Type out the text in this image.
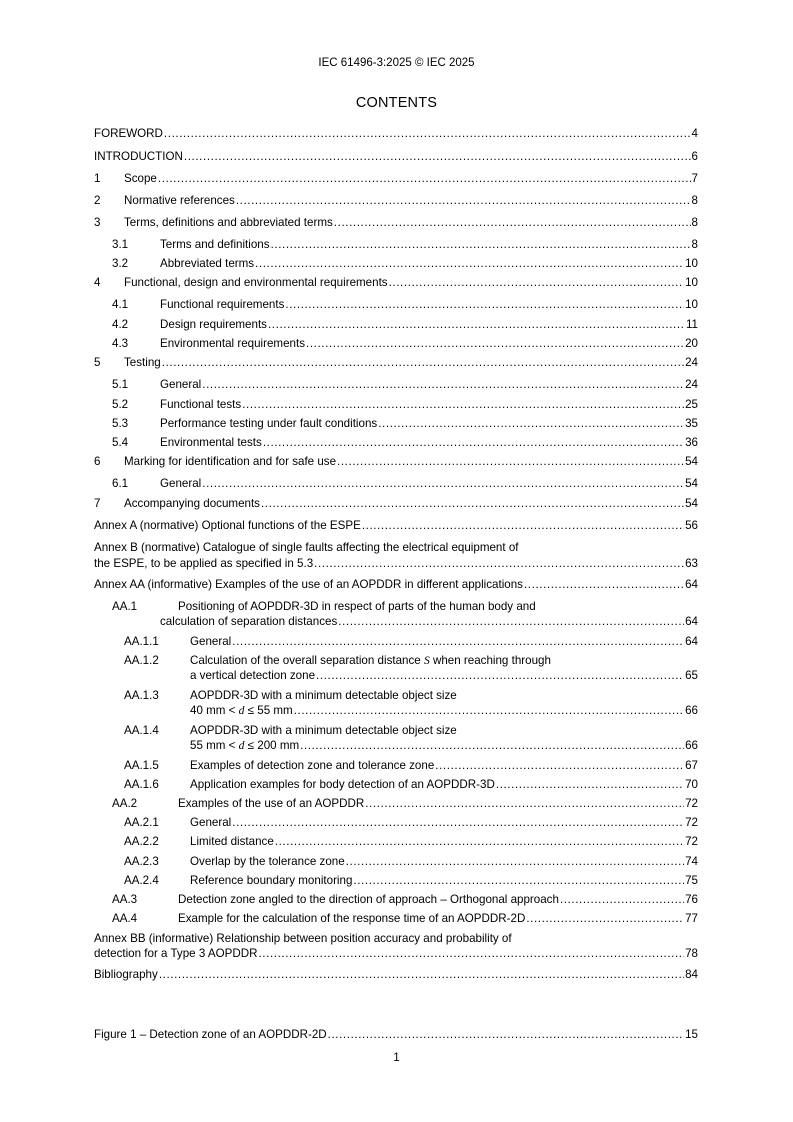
IEC 61496-3:2025 © IEC 2025
CONTENTS
FOREWORD .....	4
INTRODUCTION .....	6
1	Scope .....	7
2	Normative references .....	8
3	Terms, definitions and abbreviated terms .....	8
3.1	Terms and definitions .....	8
3.2	Abbreviated terms .....	10
4	Functional, design and environmental requirements .....	10
4.1	Functional requirements .....	10
4.2	Design requirements .....	11
4.3	Environmental requirements .....	20
5	Testing .....	24
5.1	General .....	24
5.2	Functional tests .....	25
5.3	Performance testing under fault conditions .....	35
5.4	Environmental tests .....	36
6	Marking for identification and for safe use .....	54
6.1	General .....	54
7	Accompanying documents .....	54
Annex A (normative) Optional functions of the ESPE .....	56
Annex B (normative) Catalogue of single faults affecting the electrical equipment of
the ESPE, to be applied as specified in 5.3 .....	63
Annex AA (informative) Examples of the use of an AOPDDR in different applications .....	64
AA.1	Positioning of AOPDDR-3D in respect of parts of the human body and
calculation of separation distances .....	64
AA.1.1	General .....	64
AA.1.2	Calculation of the overall separation distance S when reaching through
a vertical detection zone .....	65
AA.1.3	AOPDDR-3D with a minimum detectable object size
40 mm < d ≤ 55 mm .....	66
AA.1.4	AOPDDR-3D with a minimum detectable object size
55 mm < d ≤ 200 mm .....	66
AA.1.5	Examples of detection zone and tolerance zone .....	67
AA.1.6	Application examples for body detection of an AOPDDR-3D .....	70
AA.2	Examples of the use of an AOPDDR .....	72
AA.2.1	General .....	72
AA.2.2	Limited distance .....	72
AA.2.3	Overlap by the tolerance zone .....	74
AA.2.4	Reference boundary monitoring .....	75
AA.3	Detection zone angled to the direction of approach – Orthogonal approach .....	76
AA.4	Example for the calculation of the response time of an AOPDDR-2D .....	77
Annex BB (informative) Relationship between position accuracy and probability of
detection for a Type 3 AOPDDR .....	78
Bibliography .....	84
Figure 1 – Detection zone of an AOPDDR-2D .....	15
1
